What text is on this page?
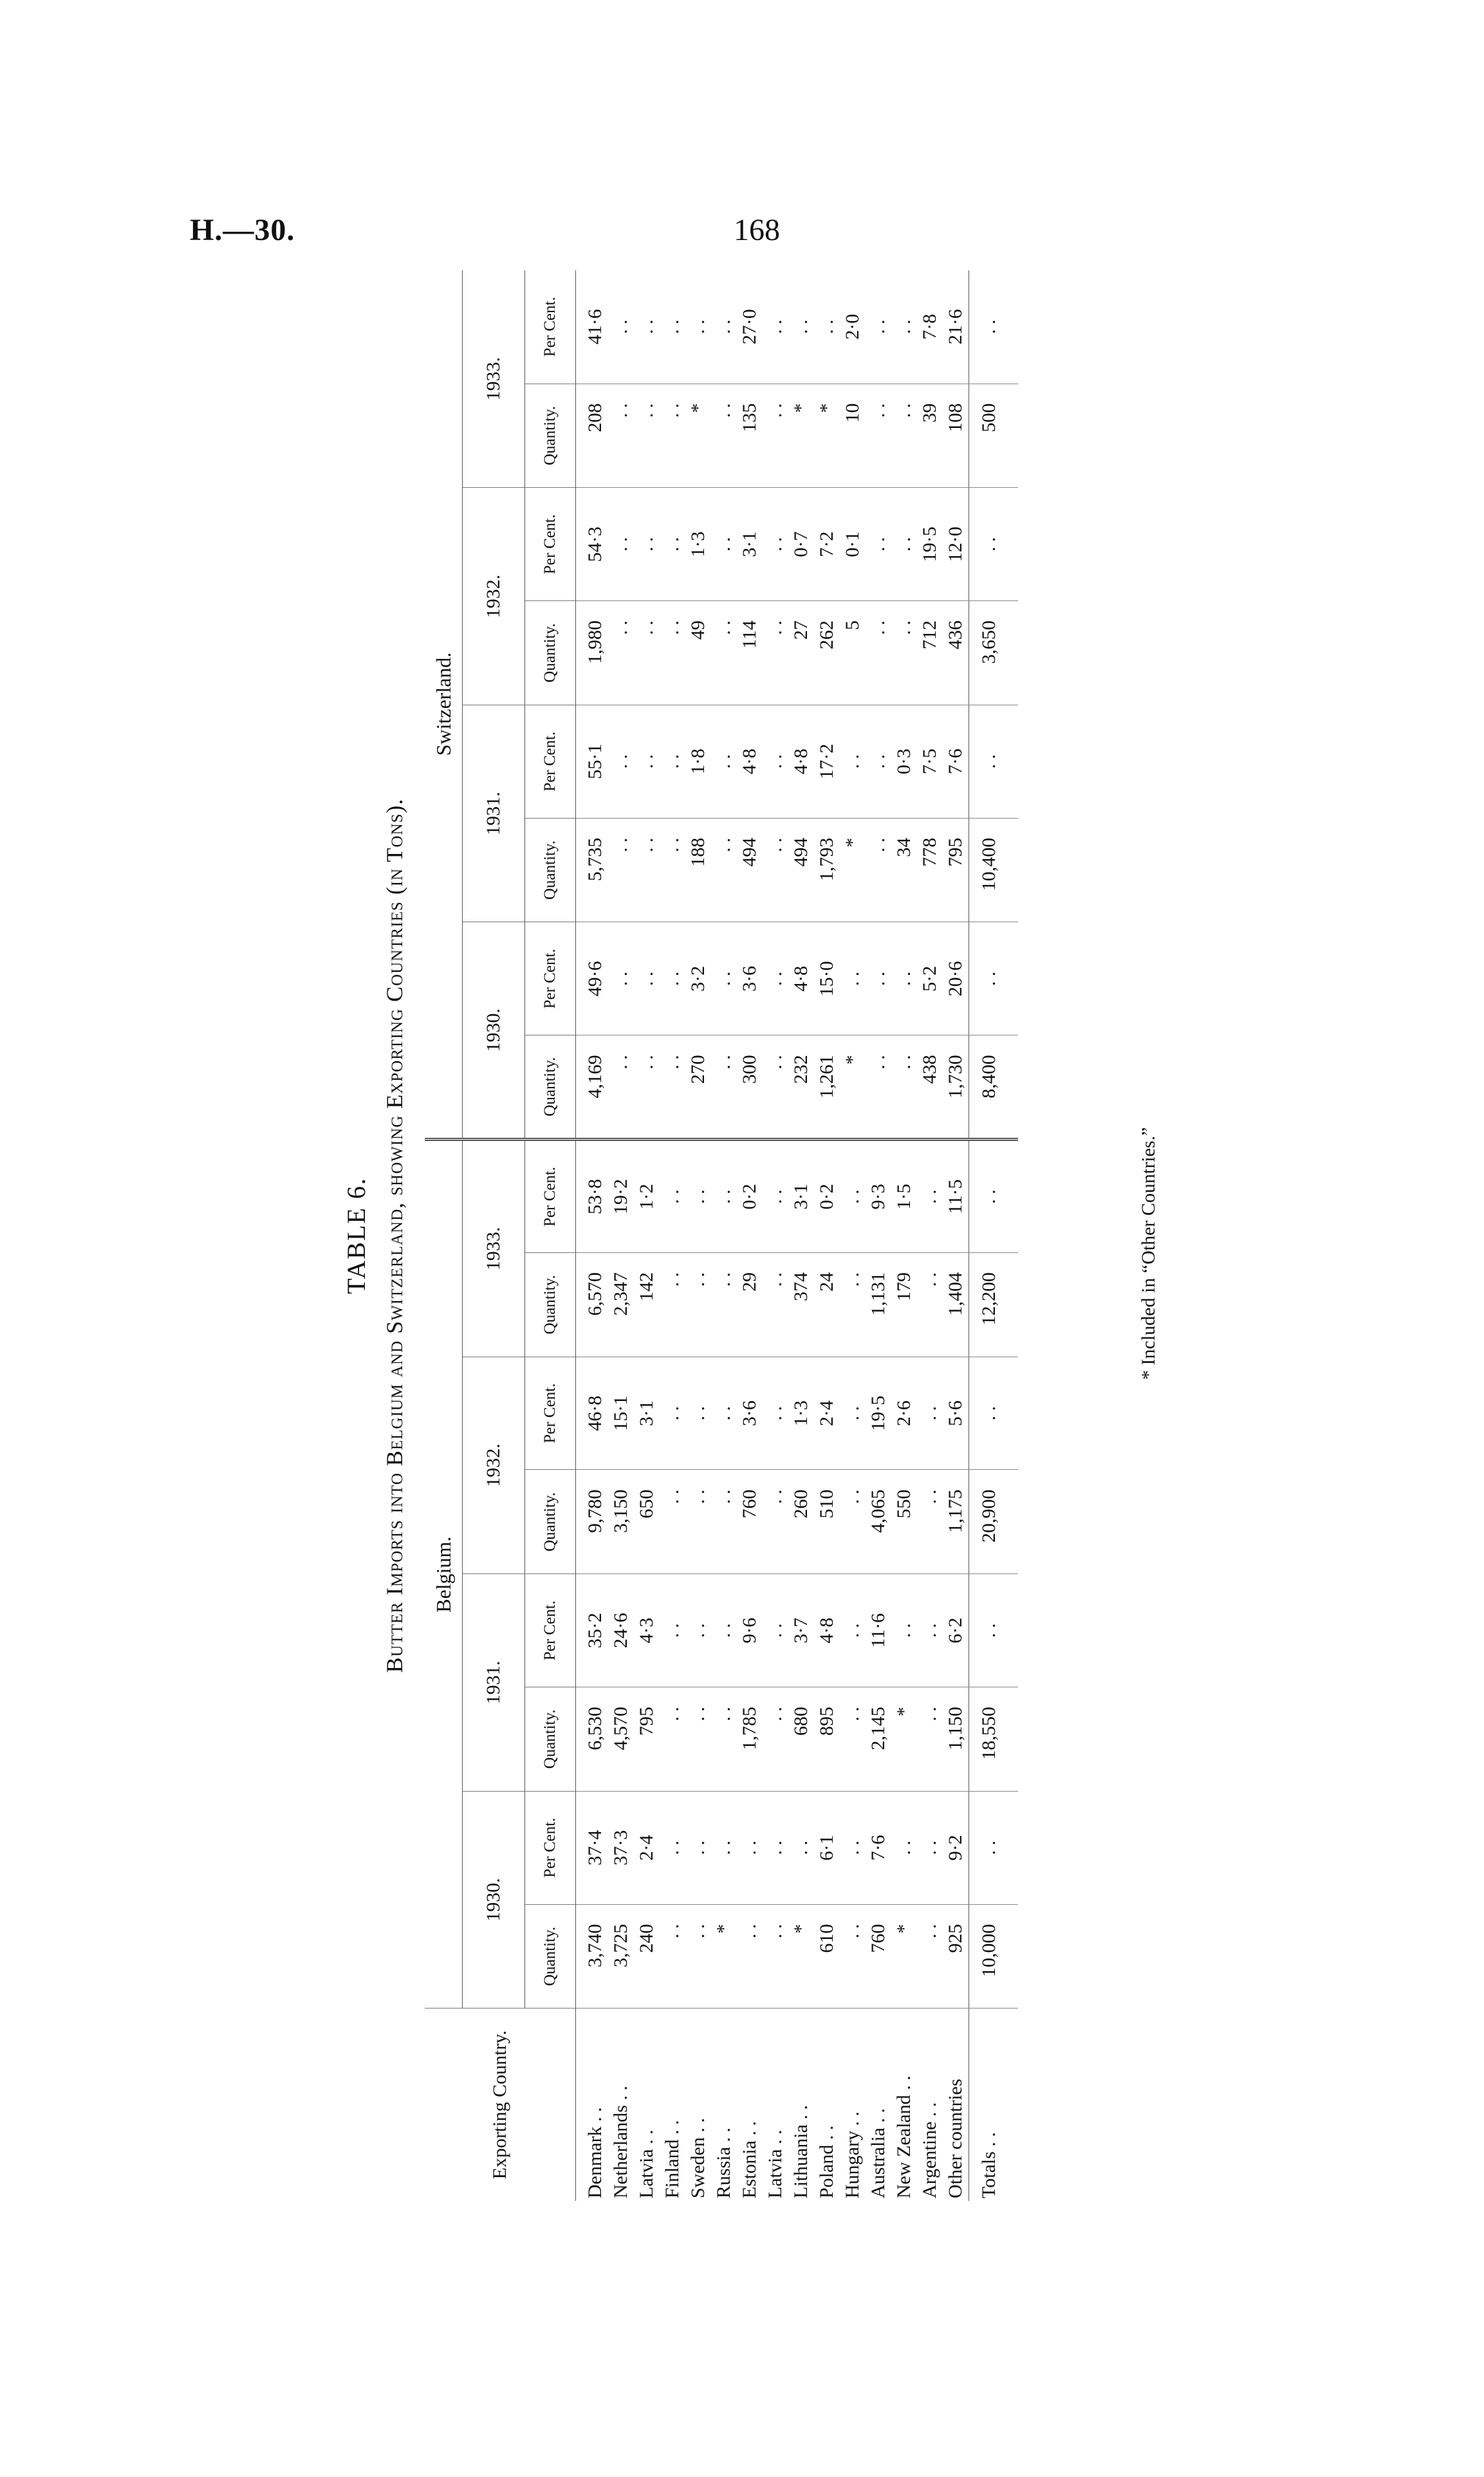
H.—30.	168
TABLE 6. Butter Imports into Belgium and Switzerland, showing Exporting Countries (in Tons).
Exporting Country.	Belgium.								Switzerland.							
	1930.		1931.		1932.		1933.		1930.		1931.		1932.		1933.	
	Quantity.	Per Cent.	Quantity.	Per Cent.	Quantity.	Per Cent.	Quantity.	Per Cent.	Quantity.	Per Cent.	Quantity.	Per Cent.	Quantity.	Per Cent.	Quantity.	Per Cent.
Denmark . .	3,740	37·4	6,530	35·2	9,780	46·8	6,570	53·8	4,169	49·6	5,735	55·1	1,980	54·3	208	41·6
Netherlands . .	3,725	37·3	4,570	24·6	3,150	15·1	2,347	19·2	. .	. .	. .	. .	. .	. .	. .	. .
Latvia . .	240	2·4	795	4·3	650	3·1	142	1·2	. .	. .	. .	. .	. .	. .	. .	. .
Finland . .	. .	. .	. .	. .	. .	. .	. .	. .	. .	. .	. .	. .	. .	. .	. .	. .
Sweden . .	. .	. .	. .	. .	. .	. .	. .	. .	270	3·2	188	1·8	49	1·3	*	. .
Russia . .	*	. .	. .	. .	. .	. .	. .	. .	. .	. .	. .	. .	. .	. .	. .	. .
Estonia . .	. .	. .	1,785	9·6	760	3·6	29	0·2	300	3·6	494	4·8	114	3·1	135	27·0
Latvia . .	. .	. .	. .	. .	. .	. .	. .	. .	. .	. .	. .	. .	. .	. .	. .	. .
Lithuania . .	*	. .	680	3·7	260	1·3	374	3·1	232	4·8	494	4·8	27	0·7	*	. .
Poland . .	610	6·1	895	4·8	510	2·4	24	0·2	1,261	15·0	1,793	17·2	262	7·2	*	. .
Hungary . .	. .	. .	. .	. .	. .	. .	. .	. .	*	. .	*	. .	5	0·1	10	2·0
Australia . .	760	7·6	2,145	11·6	4,065	19·5	1,131	9·3	. .	. .	. .	. .	. .	. .	. .	. .
New Zealand . .	*	. .	*	. .	550	2·6	179	1·5	. .	. .	34	0·3	. .	. .	. .	. .
Argentine . .	. .	. .	. .	. .	. .	. .	. .	. .	438	5·2	778	7·5	712	19·5	39	7·8
Other countries	925	9·2	1,150	6·2	1,175	5·6	1,404	11·5	1,730	20·6	795	7·6	436	12·0	108	21·6
Totals . .	10,000	. .	18,550	. .	20,900	. .	12,200	. .	8,400	. .	10,400	. .	3,650	. .	500	. .

* Included in “Other Countries.”
